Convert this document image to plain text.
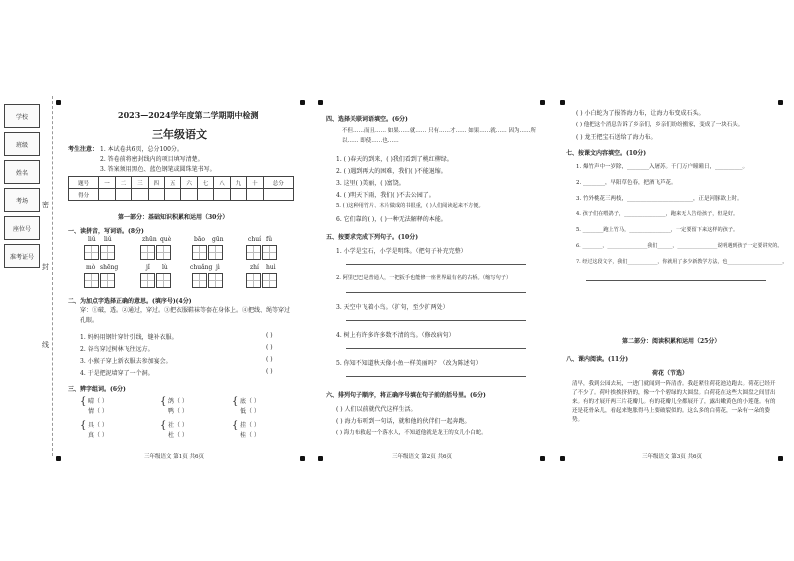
学校
班级
姓名
考场
座位号
准考证号
密
封
线
2023—2024学年度第二学期期中检测
三年级语文
考生注意： 1. 本试卷共6页，总分100分。
2. 答卷前将密封线内的项目填写清楚。
3. 答案须用黑色、蓝色钢笔或圆珠笔书写。
题号	一	二	三	四	五	六	七	八	九	十	总分
得分											
第一部分：基础知识积累和运用（30分）
一、读拼音，写词语。(8分)
liǔ liǔ	zhūn què	bāo gūn	chuí fǔ
mò shēng	jǐ lù	chuǎng jì	zhí huì
二、为加点字选择正确的意思。(填序号)(4分)
穿：①破，透。②通过，穿过。③把衣服鞋袜等套在身体上。④把线、绳等穿过孔眼。
1. 妈妈用钢针穿针引线，缝补衣服。
2. 谷鸟穿过树林飞往远方。
3. 小猴子穿上新衣服去参加宴会。
4. 于是把泥墙穿了一个洞。
( )
( )
( )
( )
三、辨字组词。(6分)
{ 晴（ ）
情（ ）
{ 鸽（ ）
鸭（ ）
{ 底（ ）
低（ ）
{ 具（ ）
真（ ）
{ 社（ ）
杜（ ）
{ 挂（ ）
桂（ ）
三年级语文 第1页 共6页
四、选择关联词语填空。(6分)
不但……而且…… 如果……就…… 只有……才…… 如果……就…… 因为……所以…… 即使……也……
1. ( )春天的到来，( )我们看到了桃红柳绿。
2. ( )遇到再大的困难，我们( )不能退缩。
3. 这里( )美丽，( )富饶。
4. ( )明天下雨，我们( )不去公园了。
5. ( )这种用竹片、木片做成的书很重，( )人们阅读起来不方便。
6. 它们靠的( )，( )一种无法解释的本能。
五、按要求完成下列句子。(10分)
1. 小学是宝石，小学是明珠。（把句子补充完整）
2. 阿里巴巴是普通人，一把扳手也能修一座世界最有名的古桥。（缩写句子）
3. 天空中飞着小鸟。（扩句，至少扩两处）
4. 树上有许多许多数不清的鸟。（修改病句）
5. 你知不知道秋天像小鱼一样美丽吗？（改为陈述句）
六、排列句子顺序，将正确序号填在句子前的括号里。(6分)
( ) 人们以前就代代这样生活。
( ) 海力布听到一句话，就和他的伙伴们一起奔跑。
( ) 海力布救起一个落水人，不知道他就是龙王的女儿小白蛇。
三年级语文 第2页 共6页
( ) 小白蛇为了报答海力布，让海力布变成石头。
( ) 他把这个消息告诉了乡亲们，乡亲们纷纷搬家，变成了一块石头。
( ) 龙王把宝石送给了海力布。
七、按课文内容填空。(10分)
1. 爆竹声中一岁除，________入屠苏。千门万户曈曈日，__________。
2. ________，早阳草色春，把酒飞芦花。
3. 竹外桃花三两枝，________________________，正是河豚欲上时。
4. 孩子们在喂鸽子，________________，跑来无人告给孩子，但是好。
5. ________跑上竹马，________________，一定要留下来这样的孩子。
6. ________，________________我们______，________________说明遇到孩子一定要讲究的。
7. 经过这段文字，我们____________，你就用了多少新教学方法，也______________________。
第二部分：阅读积累和运用（25分）
八、课内阅读。(11分)
荷花（节选）
清早，我到公园去玩，一进门就闻到一阵清香。我赶紧往荷花池边跑去。荷花已经开了不少了。荷叶挨挨挤挤的，像一个个碧绿的大圆盘。白荷花在这些大圆盘之间冒出来。有的才展开两三片花瓣儿。有的花瓣儿全都展开了，露出嫩黄色的小莲蓬。有的还是花骨朵儿，看起来饱胀得马上要破裂似的。这么多的白荷花，一朵有一朵的姿势。
三年级语文 第3页 共6页
